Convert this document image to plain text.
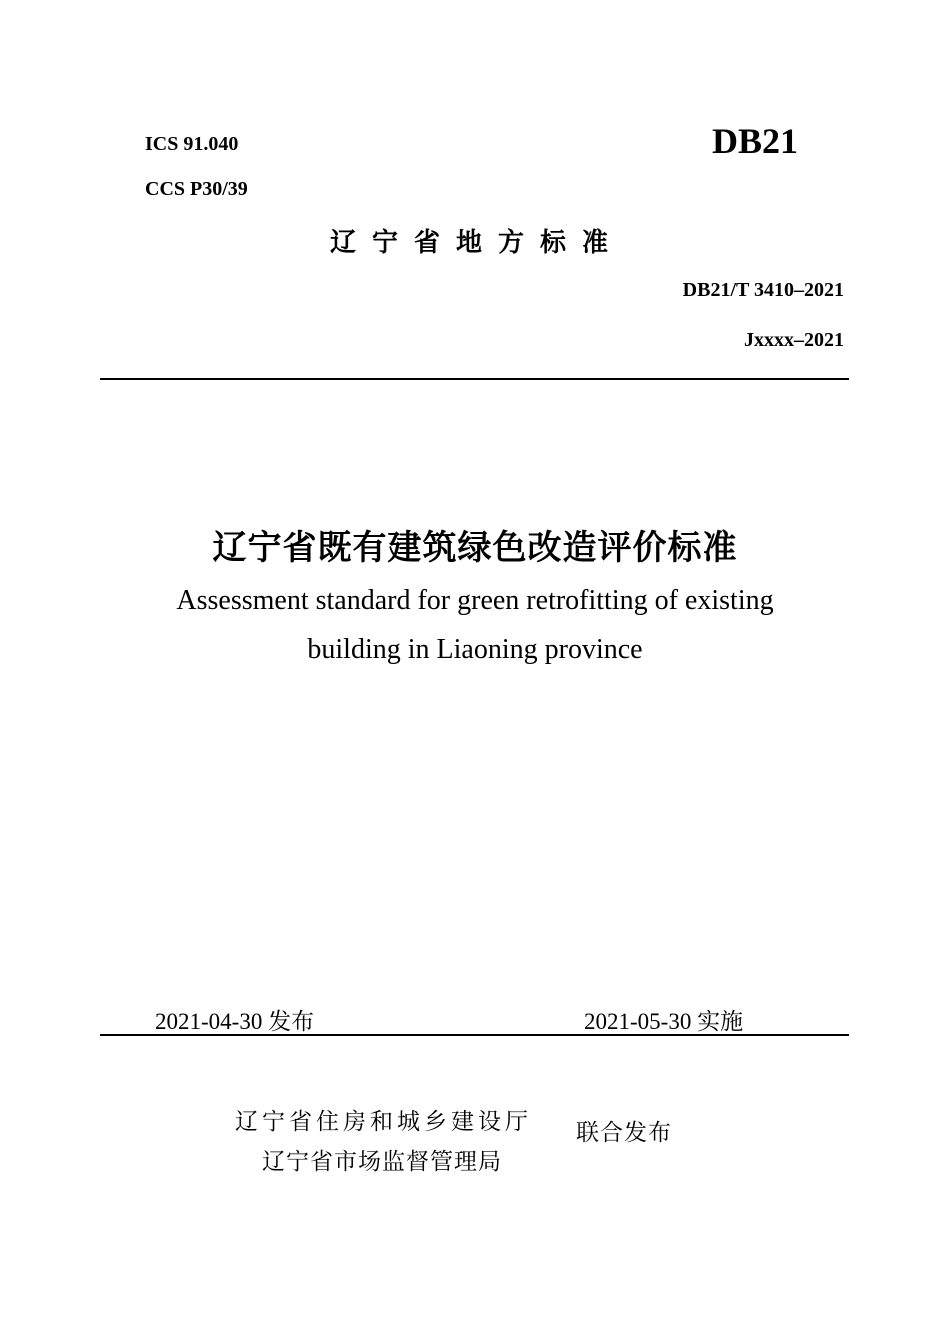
ICS 91.040
CCS P30/39
DB21
辽宁省地方标准
DB21/T 3410–2021
Jxxxx–2021
辽宁省既有建筑绿色改造评价标准
Assessment standard for green retrofitting of existing
building in Liaoning province
2021-04-30 发布	2021-05-30 实施
辽宁省住房和城乡建设厅
辽宁省市场监督管理局
联合发布
